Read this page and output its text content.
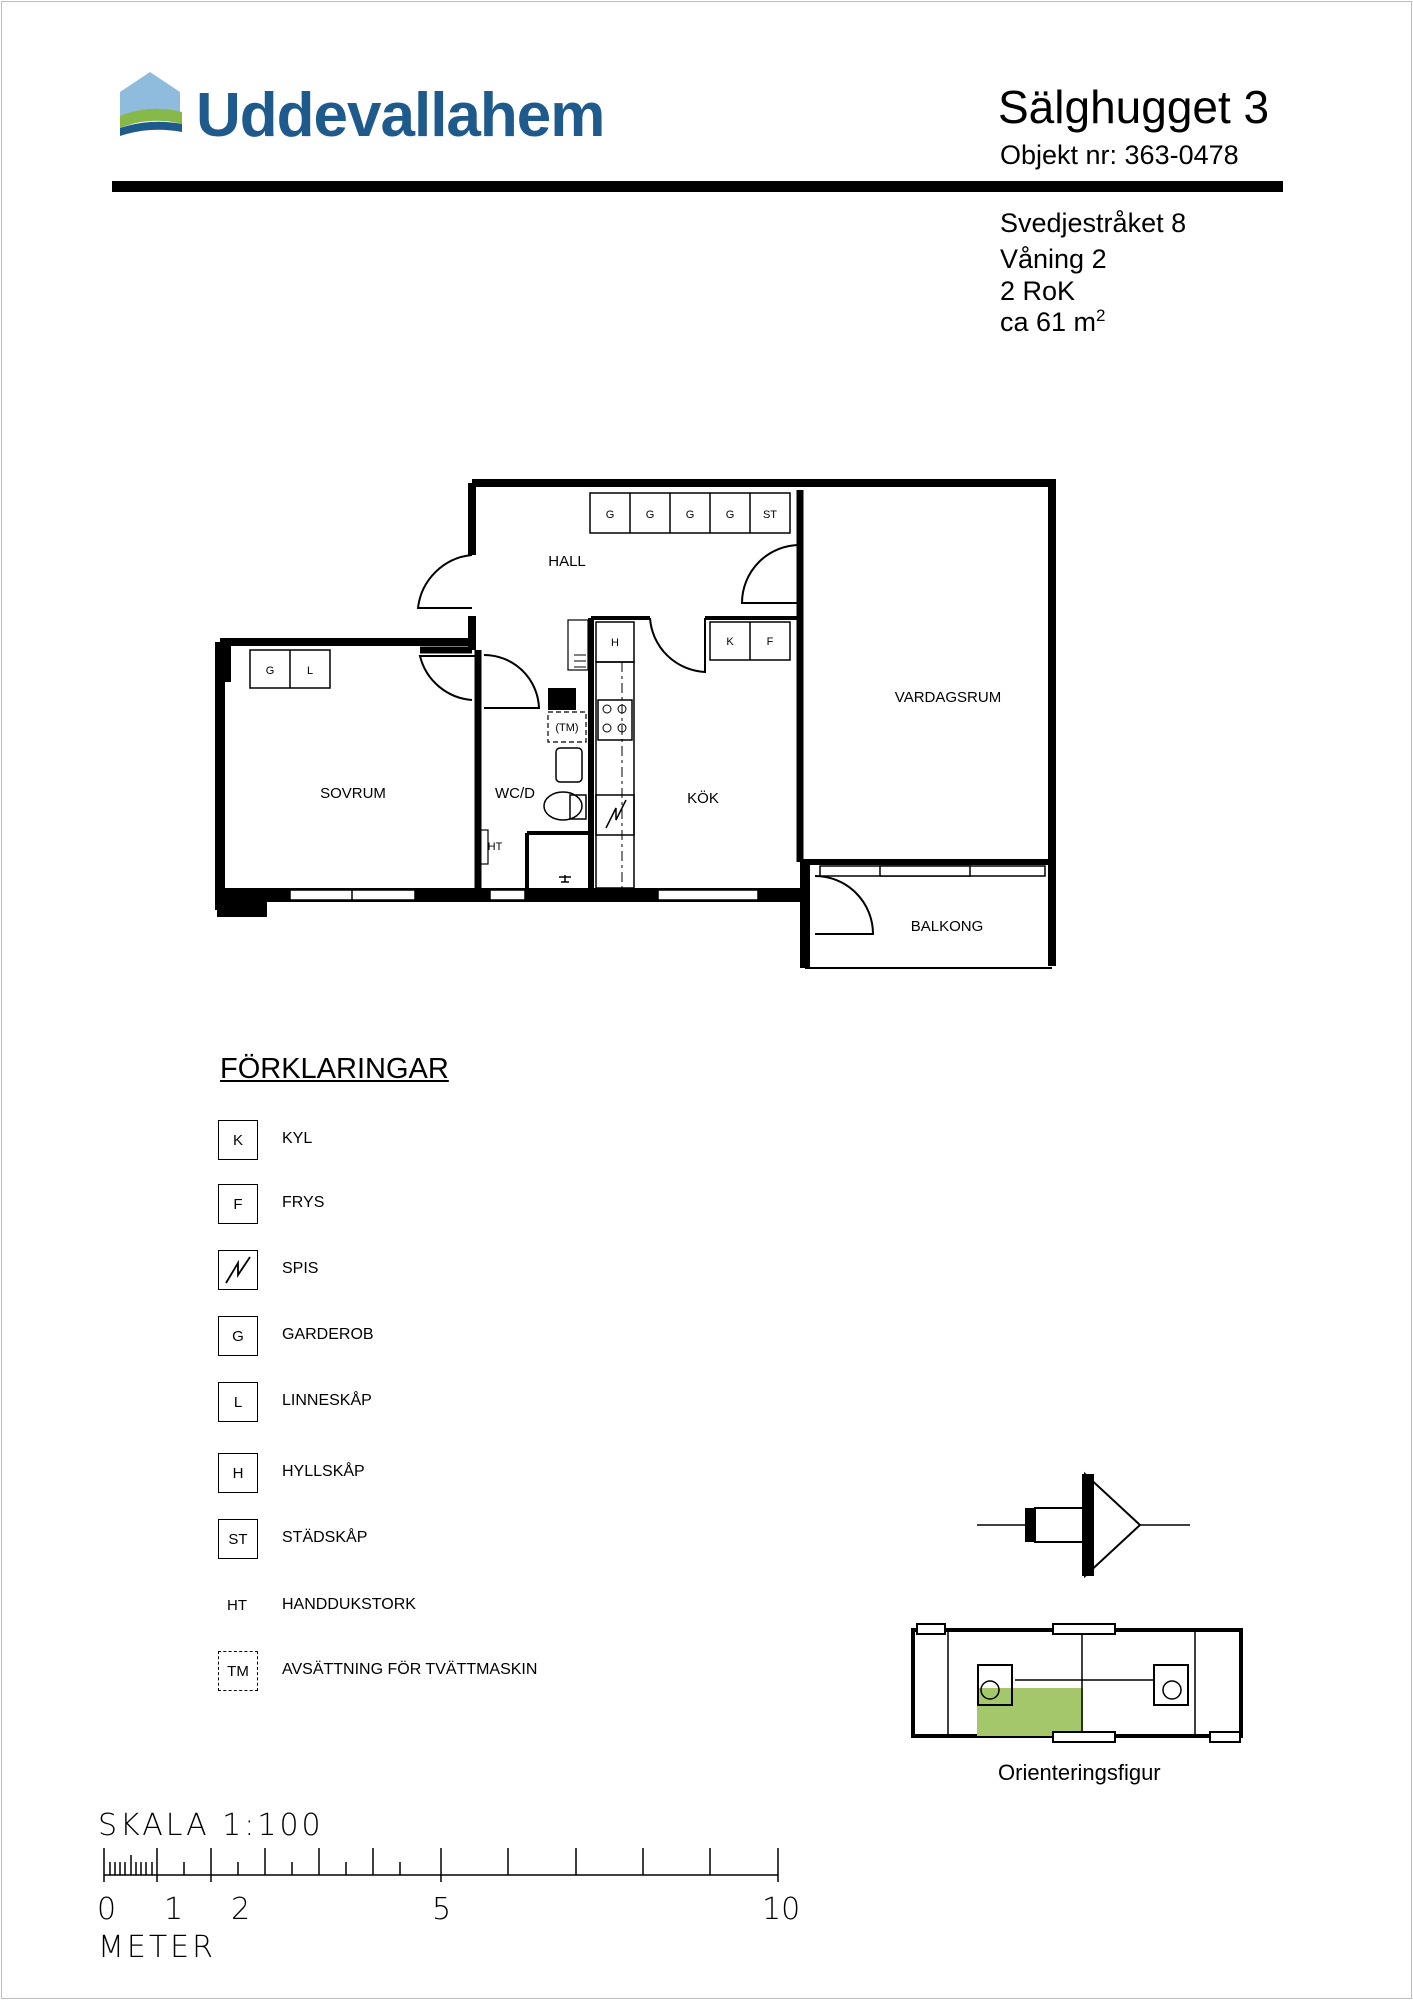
Uddevallahem	Sälghugget 3
Objekt nr: 363-0478
Svedjestråket 8
Våning 2
2 RoK
ca 61 $m^2$
HALL
VARDAGSRUM
SOVRUM	WC/D	KÖK
BALKONG
G	G	G	G	ST
G	L
H	K	F
(TM)
HT
FÖRKLARINGAR
K	KYL
F	FRYS
SPIS
G	GARDEROB
L	LINNESKÅP
H	HYLLSKÅP
ST	STÄDSKÅP
HT	HANDDUKSTORK
TM	AVSÄTTNING FÖR TVÄTTMASKIN
Orienteringsfigur
SKALA 1:100
0 1 2	5	10
METER
